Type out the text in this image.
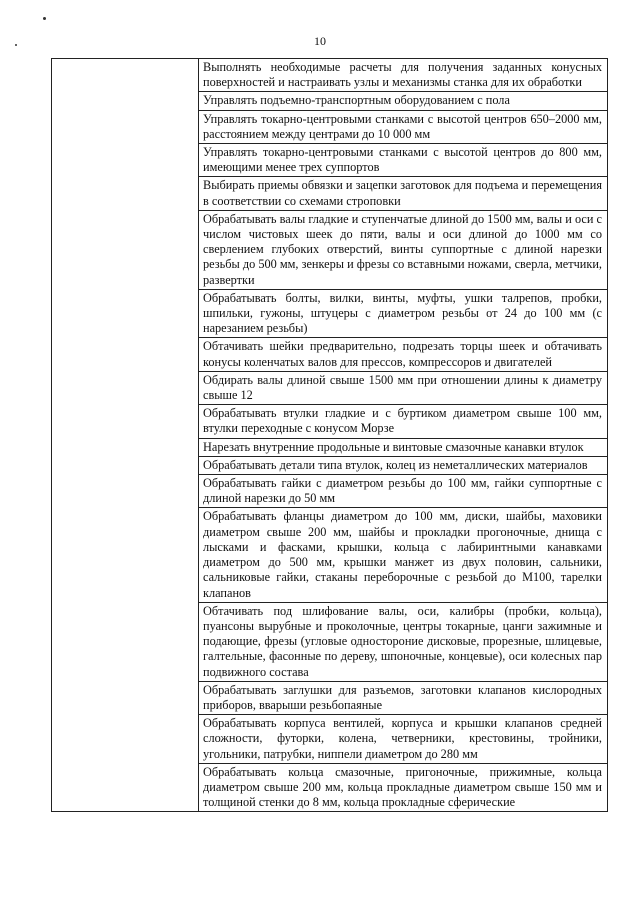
10

Выполнять необходимые расчеты для получения заданных конусных поверхностей и настраивать узлы и механизмы станка для их обработки
Управлять подъемно-транспортным оборудованием с пола
Управлять токарно-центровыми станками с высотой центров 650–2000 мм, расстоянием между центрами до 10 000 мм
Управлять токарно-центровыми станками с высотой центров до 800 мм, имеющими менее трех суппортов
Выбирать приемы обвязки и зацепки заготовок для подъема и перемещения в соответствии со схемами строповки
Обрабатывать валы гладкие и ступенчатые длиной до 1500 мм, валы и оси с числом чистовых шеек до пяти, валы и оси длиной до 1000 мм со сверлением глубоких отверстий, винты суппортные с длиной нарезки резьбы до 500 мм, зенкеры и фрезы со вставными ножами, сверла, метчики, развертки
Обрабатывать болты, вилки, винты, муфты, ушки талрепов, пробки, шпильки, гужоны, штуцеры с диаметром резьбы от 24 до 100 мм (с нарезанием резьбы)
Обтачивать шейки предварительно, подрезать торцы шеек и обтачивать конусы коленчатых валов для прессов, компрессоров и двигателей
Обдирать валы длиной свыше 1500 мм при отношении длины к диаметру свыше 12
Обрабатывать втулки гладкие и с буртиком диаметром свыше 100 мм, втулки переходные с конусом Морзе
Нарезать внутренние продольные и винтовые смазочные канавки втулок
Обрабатывать детали типа втулок, колец из неметаллических материалов
Обрабатывать гайки с диаметром резьбы до 100 мм, гайки суппортные с длиной нарезки до 50 мм
Обрабатывать фланцы диаметром до 100 мм, диски, шайбы, маховики диаметром свыше 200 мм, шайбы и прокладки прогоночные, днища с лысками и фасками, крышки, кольца с лабиринтными канавками диаметром до 500 мм, крышки манжет из двух половин, сальники, сальниковые гайки, стаканы переборочные с резьбой до М100, тарелки клапанов
Обтачивать под шлифование валы, оси, калибры (пробки, кольца), пуансоны вырубные и проколочные, центры токарные, цанги зажимные и подающие, фрезы (угловые одностороние дисковые, прорезные, шлицевые, галтельные, фасонные по дереву, шпоночные, концевые), оси колесных пар подвижного состава
Обрабатывать заглушки для разъемов, заготовки клапанов кислородных приборов, вварыши резьбопаяные
Обрабатывать корпуса вентилей, корпуса и крышки клапанов средней сложности, футорки, колена, четверники, крестовины, тройники, угольники, патрубки, ниппели диаметром до 280 мм
Обрабатывать кольца смазочные, пригоночные, прижимные, кольца диаметром свыше 200 мм, кольца прокладные диаметром свыше 150 мм и толщиной стенки до 8 мм, кольца прокладные сферические
